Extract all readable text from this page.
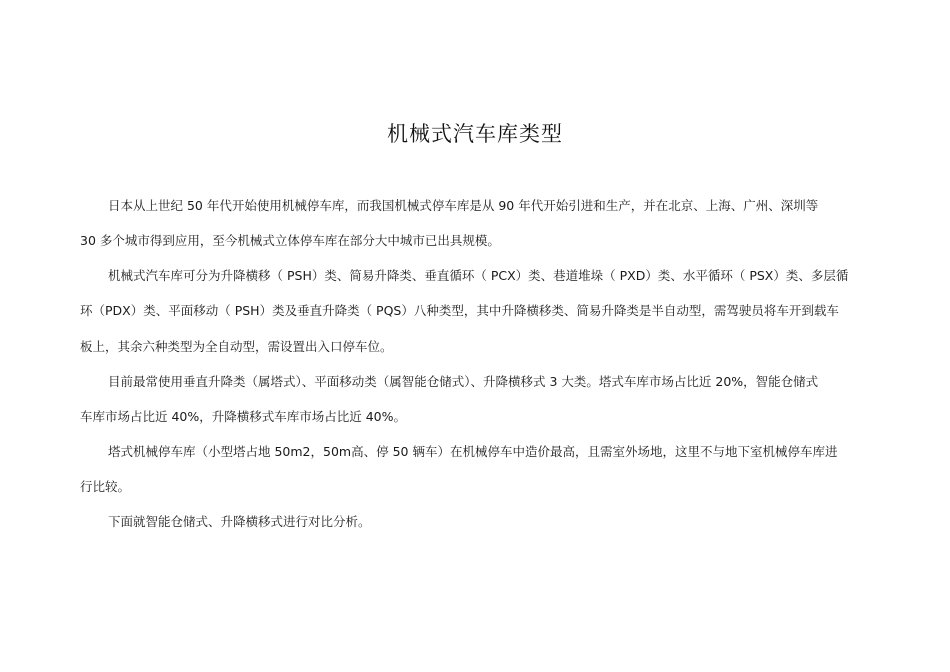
机械式汽车库类型
日本从上世纪 50 年代开始使用机械停车库，而我国机械式停车库是从 90 年代开始引进和生产，并在北京、上海、广州、深圳等
30 多个城市得到应用，至今机械式立体停车库在部分大中城市已出具规模。
机械式汽车库可分为升降横移（ PSH）类、简易升降类、垂直循环（ PCX）类、巷道堆垛（ PXD）类、水平循环（ PSX）类、多层循
环（PDX）类、平面移动（ PSH）类及垂直升降类（ PQS）八种类型，其中升降横移类、简易升降类是半自动型，需驾驶员将车开到载车
板上，其余六种类型为全自动型，需设置出入口停车位。
目前最常使用垂直升降类（属塔式）、平面移动类（属智能仓储式）、升降横移式 3 大类。塔式车库市场占比近 20%，智能仓储式
车库市场占比近 40%，升降横移式车库市场占比近 40%。
塔式机械停车库（小型塔占地 50m2，50m高、停 50 辆车）在机械停车中造价最高，且需室外场地，这里不与地下室机械停车库进
行比较。
下面就智能仓储式、升降横移式进行对比分析。
